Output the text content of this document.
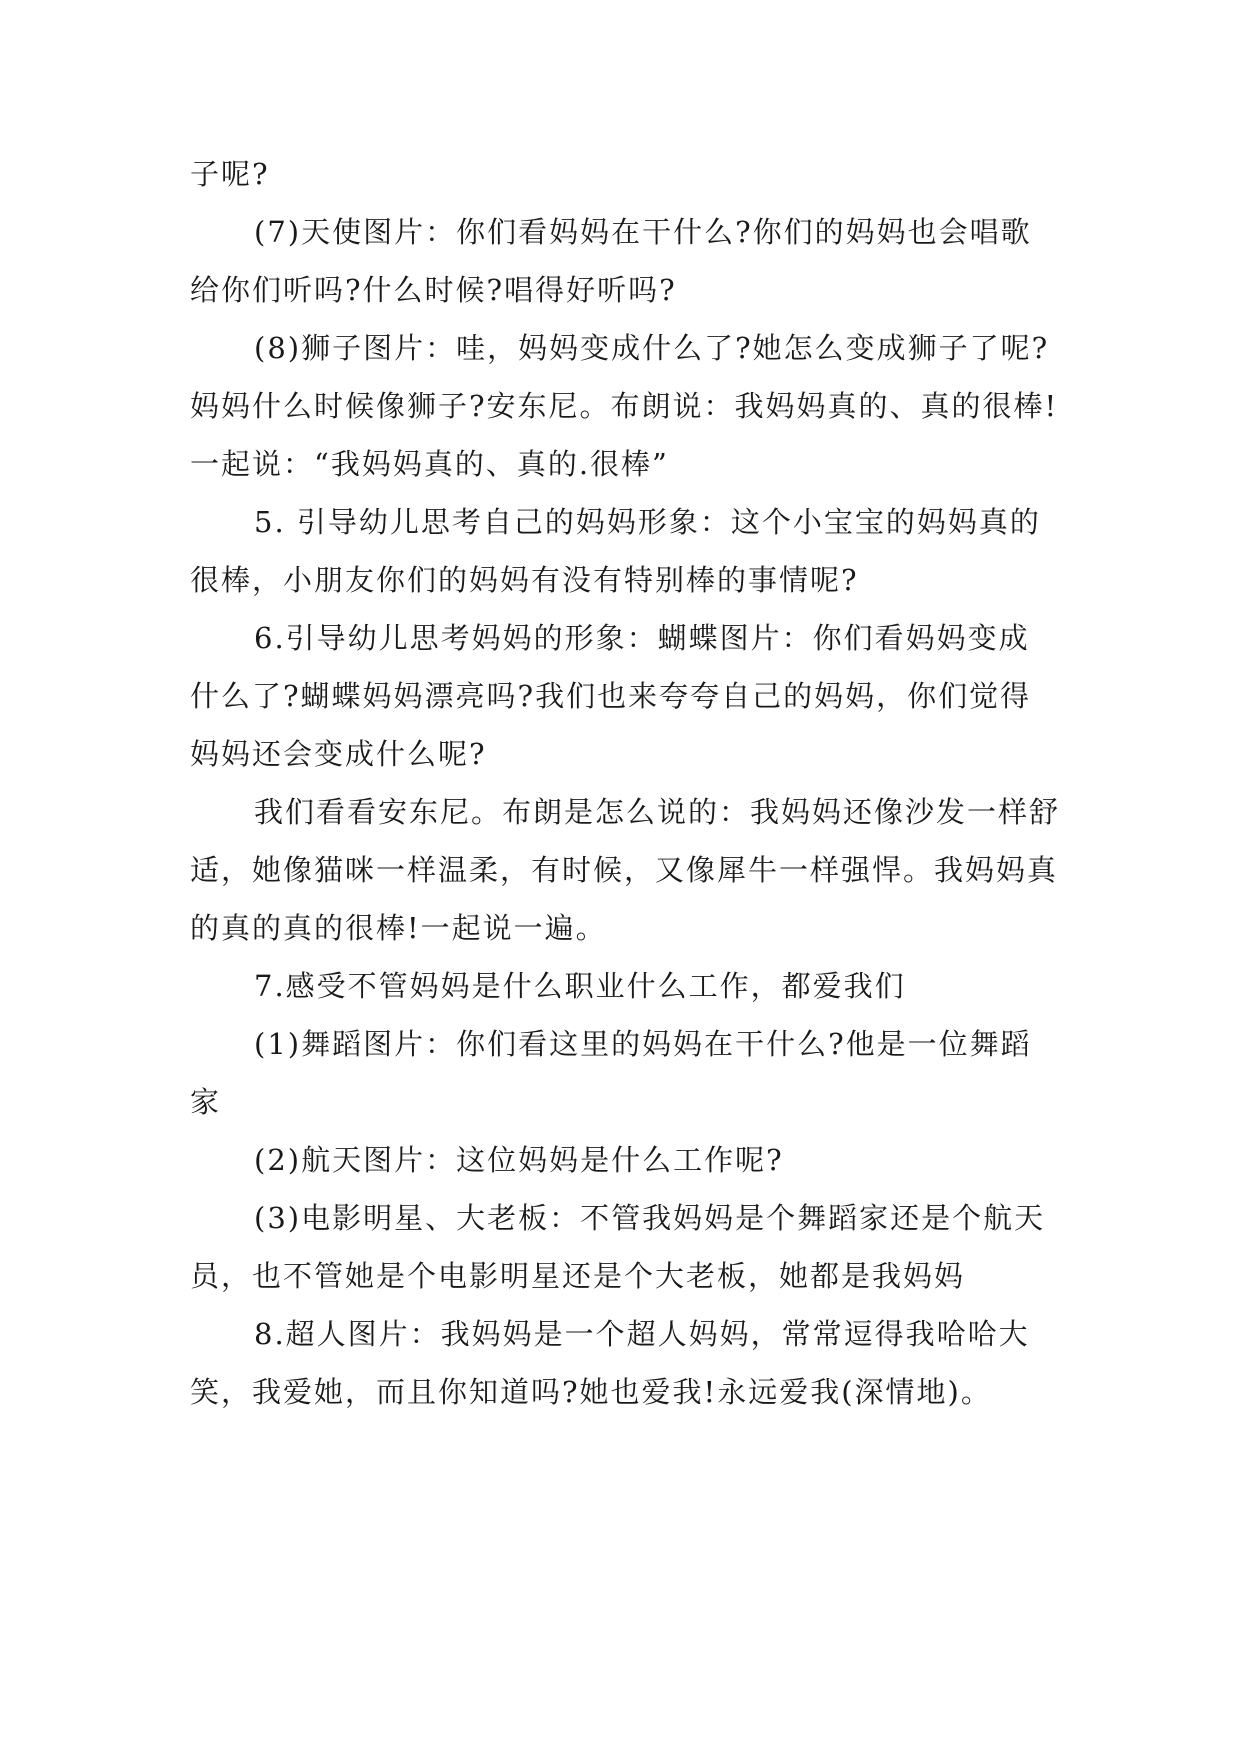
子呢?

(7)天使图片：你们看妈妈在干什么?你们的妈妈也会唱歌给你们听吗?什么时候?唱得好听吗?

(8)狮子图片：哇，妈妈变成什么了?她怎么变成狮子了呢?妈妈什么时候像狮子?安东尼。布朗说：我妈妈真的、真的很棒!一起说：“我妈妈真的、真的.很棒”

5. 引导幼儿思考自己的妈妈形象：这个小宝宝的妈妈真的很棒，小朋友你们的妈妈有没有特别棒的事情呢?

6.引导幼儿思考妈妈的形象：蝴蝶图片：你们看妈妈变成什么了?蝴蝶妈妈漂亮吗?我们也来夸夸自己的妈妈，你们觉得妈妈还会变成什么呢?

我们看看安东尼。布朗是怎么说的：我妈妈还像沙发一样舒适，她像猫咪一样温柔，有时候，又像犀牛一样强悍。我妈妈真的真的真的很棒!一起说一遍。

7.感受不管妈妈是什么职业什么工作，都爱我们

(1)舞蹈图片：你们看这里的妈妈在干什么?他是一位舞蹈家

(2)航天图片：这位妈妈是什么工作呢?

(3)电影明星、大老板：不管我妈妈是个舞蹈家还是个航天员，也不管她是个电影明星还是个大老板，她都是我妈妈

8.超人图片：我妈妈是一个超人妈妈，常常逗得我哈哈大笑，我爱她，而且你知道吗?她也爱我!永远爱我(深情地)。
